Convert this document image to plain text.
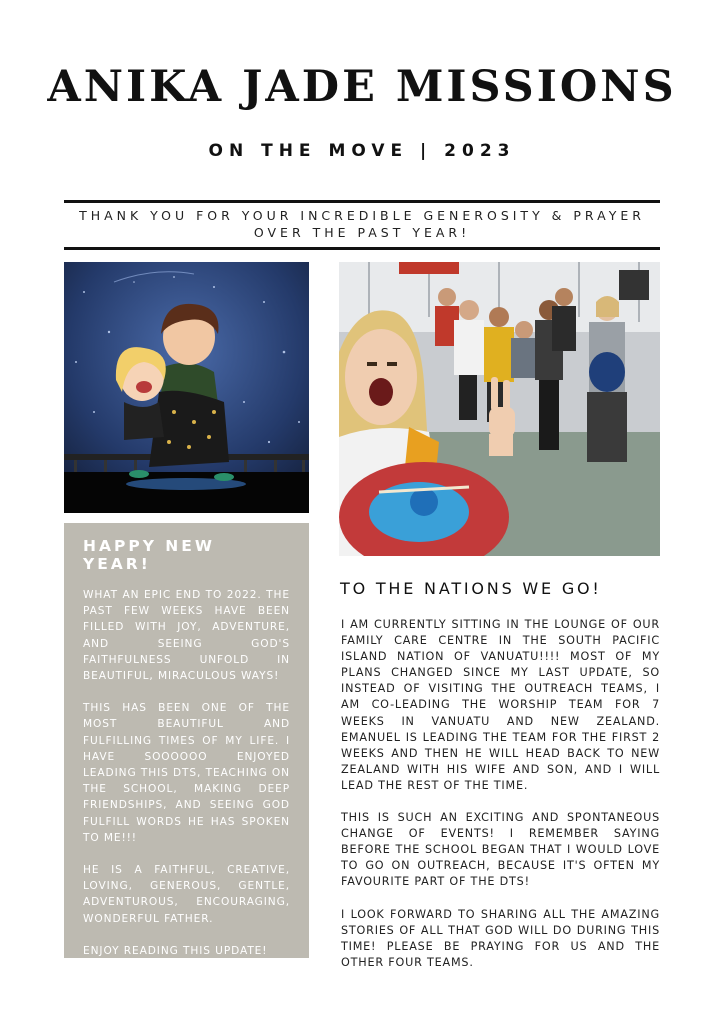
ANIKA JADE MISSIONS
ON THE MOVE | 2023
THANK YOU FOR YOUR INCREDIBLE GENEROSITY & PRAYER OVER THE PAST YEAR!
HAPPY NEW YEAR!

WHAT AN EPIC END TO 2022. THE PAST FEW WEEKS HAVE BEEN FILLED WITH JOY, ADVENTURE, AND SEEING GOD'S FAITHFULNESS UNFOLD IN BEAUTIFUL, MIRACULOUS WAYS!

THIS HAS BEEN ONE OF THE MOST BEAUTIFUL AND FULFILLING TIMES OF MY LIFE. I HAVE SOOOOOO ENJOYED LEADING THIS DTS, TEACHING ON THE SCHOOL, MAKING DEEP FRIENDSHIPS, AND SEEING GOD FULFILL WORDS HE HAS SPOKEN TO ME!!!

HE IS A FAITHFUL, CREATIVE, LOVING, GENEROUS, GENTLE, ADVENTUROUS, ENCOURAGING, WONDERFUL FATHER.

ENJOY READING THIS UPDATE!

TO THE NATIONS WE GO!

I AM CURRENTLY SITTING IN THE LOUNGE OF OUR FAMILY CARE CENTRE IN THE SOUTH PACIFIC ISLAND NATION OF VANUATU!!!! MOST OF MY PLANS CHANGED SINCE MY LAST UPDATE, SO INSTEAD OF VISITING THE OUTREACH TEAMS, I AM CO-LEADING THE WORSHIP TEAM FOR 7 WEEKS IN VANUATU AND NEW ZEALAND. EMANUEL IS LEADING THE TEAM FOR THE FIRST 2 WEEKS AND THEN HE WILL HEAD BACK TO NEW ZEALAND WITH HIS WIFE AND SON, AND I WILL LEAD THE REST OF THE TIME.

THIS IS SUCH AN EXCITING AND SPONTANEOUS CHANGE OF EVENTS! I REMEMBER SAYING BEFORE THE SCHOOL BEGAN THAT I WOULD LOVE TO GO ON OUTREACH, BECAUSE IT'S OFTEN MY FAVOURITE PART OF THE DTS!

I LOOK FORWARD TO SHARING ALL THE AMAZING STORIES OF ALL THAT GOD WILL DO DURING THIS TIME! PLEASE BE PRAYING FOR US AND THE OTHER FOUR TEAMS.
